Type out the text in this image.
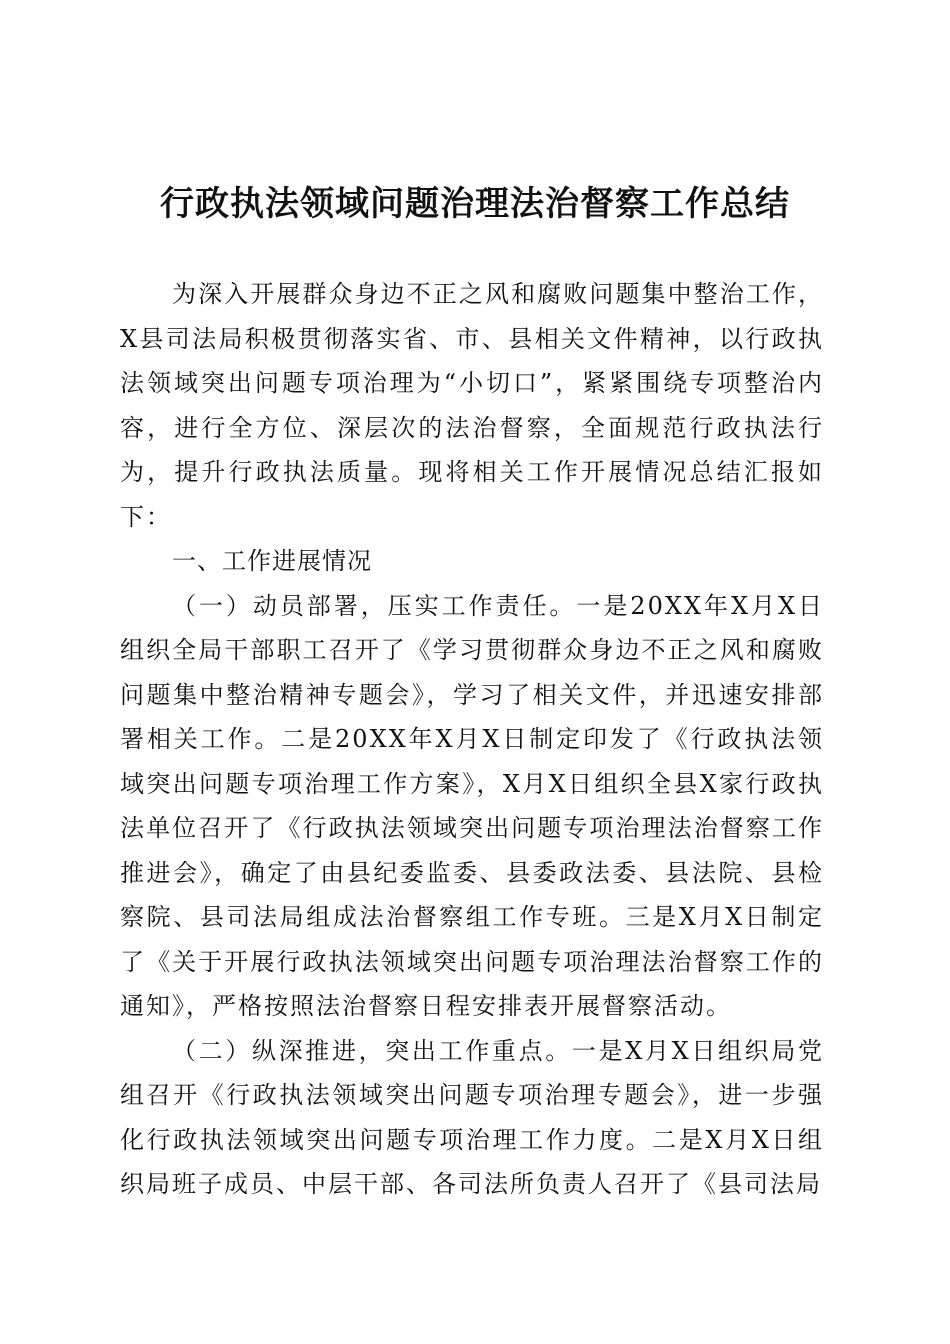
行政执法领域问题治理法治督察工作总结

为深入开展群众身边不正之风和腐败问题集中整治工作，X县司法局积极贯彻落实省、市、县相关文件精神，以行政执法领域突出问题专项治理为“小切口”，紧紧围绕专项整治内容，进行全方位、深层次的法治督察，全面规范行政执法行为，提升行政执法质量。现将相关工作开展情况总结汇报如下：

一、工作进展情况

（一）动员部署，压实工作责任。一是20XX年X月X日组织全局干部职工召开了《学习贯彻群众身边不正之风和腐败问题集中整治精神专题会》，学习了相关文件，并迅速安排部署相关工作。二是20XX年X月X日制定印发了《行政执法领域突出问题专项治理工作方案》，X月X日组织全县X家行政执法单位召开了《行政执法领域突出问题专项治理法治督察工作推进会》，确定了由县纪委监委、县委政法委、县法院、县检察院、县司法局组成法治督察组工作专班。三是X月X日制定了《关于开展行政执法领域突出问题专项治理法治督察工作的通知》，严格按照法治督察日程安排表开展督察活动。

（二）纵深推进，突出工作重点。一是X月X日组织局党组召开《行政执法领域突出问题专项治理专题会》，进一步强化行政执法领域突出问题专项治理工作力度。二是X月X日组织局班子成员、中层干部、各司法所负责人召开了《县司法局
